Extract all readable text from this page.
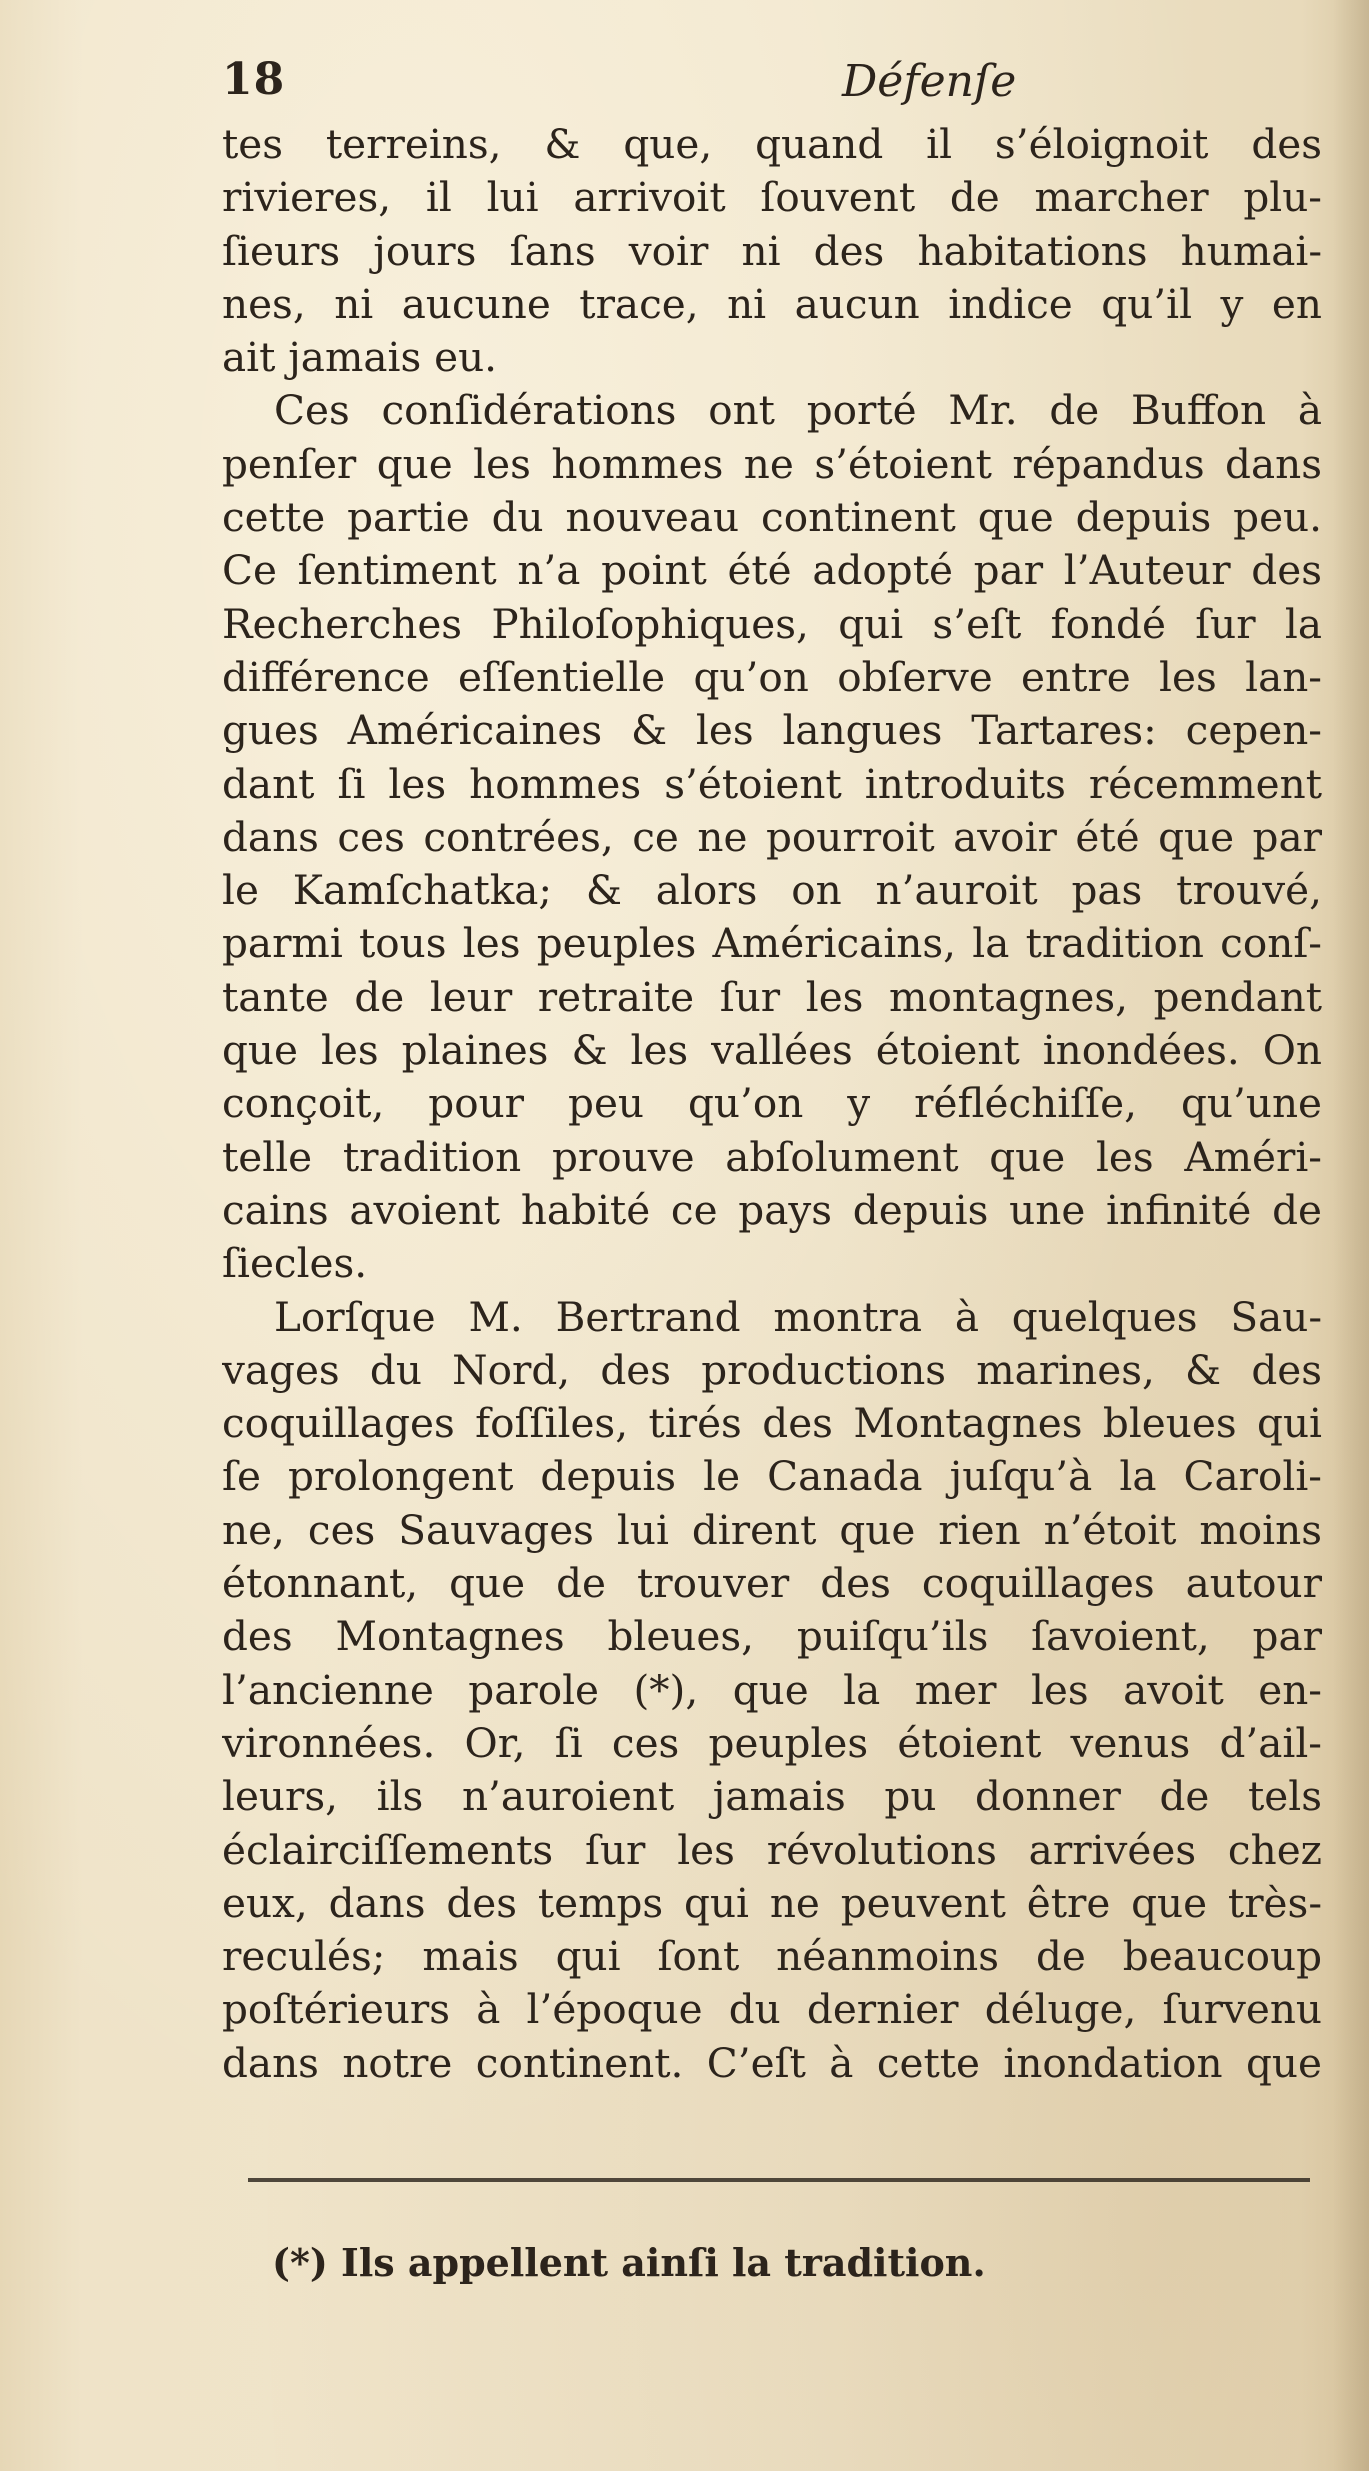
18	Défenſe
tes terreins, & que, quand il s’éloignoit des
rivieres, il lui arrivoit ſouvent de marcher plu-
ſieurs jours ſans voir ni des habitations humai-
nes, ni aucune trace, ni aucun indice qu’il y en
ait jamais eu.
Ces conſidérations ont porté Mr. de Buffon à
penſer que les hommes ne s’étoient répandus dans
cette partie du nouveau continent que depuis peu.
Ce ſentiment n’a point été adopté par l’Auteur des
Recherches Philoſophiques, qui s’eſt fondé ſur la
différence eſſentielle qu’on obſerve entre les lan-
gues Américaines & les langues Tartares: cepen-
dant ſi les hommes s’étoient introduits récemment
dans ces contrées, ce ne pourroit avoir été que par
le Kamſchatka; & alors on n’auroit pas trouvé,
parmi tous les peuples Américains, la tradition conſ-
tante de leur retraite ſur les montagnes, pendant
que les plaines & les vallées étoient inondées. On
conçoit, pour peu qu’on y réfléchiſſe, qu’une
telle tradition prouve abſolument que les Améri-
cains avoient habité ce pays depuis une infinité de
ſiecles.
Lorſque M. Bertrand montra à quelques Sau-
vages du Nord, des productions marines, & des
coquillages foſſiles, tirés des Montagnes bleues qui
ſe prolongent depuis le Canada juſqu’à la Caroli-
ne, ces Sauvages lui dirent que rien n’étoit moins
étonnant, que de trouver des coquillages autour
des Montagnes bleues, puiſqu’ils ſavoient, par
l’ancienne parole (*), que la mer les avoit en-
vironnées. Or, ſi ces peuples étoient venus d’ail-
leurs, ils n’auroient jamais pu donner de tels
éclairciſſements ſur les révolutions arrivées chez
eux, dans des temps qui ne peuvent être que très-
reculés; mais qui ſont néanmoins de beaucoup
poſtérieurs à l’époque du dernier déluge, ſurvenu
dans notre continent. C’eſt à cette inondation que
(*) Ils appellent ainſi la tradition.
